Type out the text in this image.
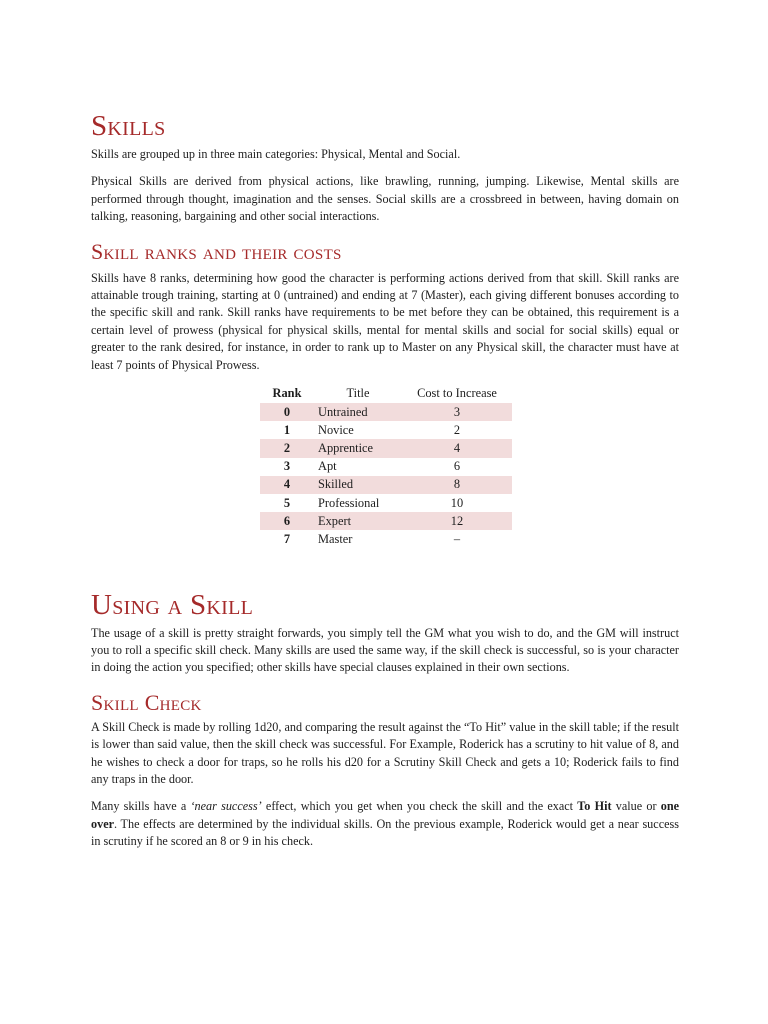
Skills

Skills are grouped up in three main categories: Physical, Mental and Social.

Physical Skills are derived from physical actions, like brawling, running, jumping. Likewise, Mental skills are performed through thought, imagination and the senses. Social skills are a crossbreed in between, having domain on talking, reasoning, bargaining and other social interactions.

Skill ranks and their costs

Skills have 8 ranks, determining how good the character is performing actions derived from that skill. Skill ranks are attainable trough training, starting at 0 (untrained) and ending at 7 (Master), each giving different bonuses according to the specific skill and rank. Skill ranks have requirements to be met before they can be obtained, this requirement is a certain level of prowess (physical for physical skills, mental for mental skills and social for social skills) equal or greater to the rank desired, for instance, in order to rank up to Master on any Physical skill, the character must have at least 7 points of Physical Prowess.

Rank	Title	Cost to Increase
0	Untrained	3
1	Novice	2
2	Apprentice	4
3	Apt	6
4	Skilled	8
5	Professional	10
6	Expert	12
7	Master	–
Using a Skill

The usage of a skill is pretty straight forwards, you simply tell the GM what you wish to do, and the GM will instruct you to roll a specific skill check. Many skills are used the same way, if the skill check is successful, so is your character in doing the action you specified; other skills have special clauses explained in their own sections.

Skill Check

A Skill Check is made by rolling 1d20, and comparing the result against the “To Hit” value in the skill table; if the result is lower than said value, then the skill check was successful. For Example, Roderick has a scrutiny to hit value of 8, and he wishes to check a door for traps, so he rolls his d20 for a Scrutiny Skill Check and gets a 10; Roderick fails to find any traps in the door.

Many skills have a ‘near success’ effect, which you get when you check the skill and the exact To Hit value or one over. The effects are determined by the individual skills. On the previous example, Roderick would get a near success in scrutiny if he scored an 8 or 9 in his check.
